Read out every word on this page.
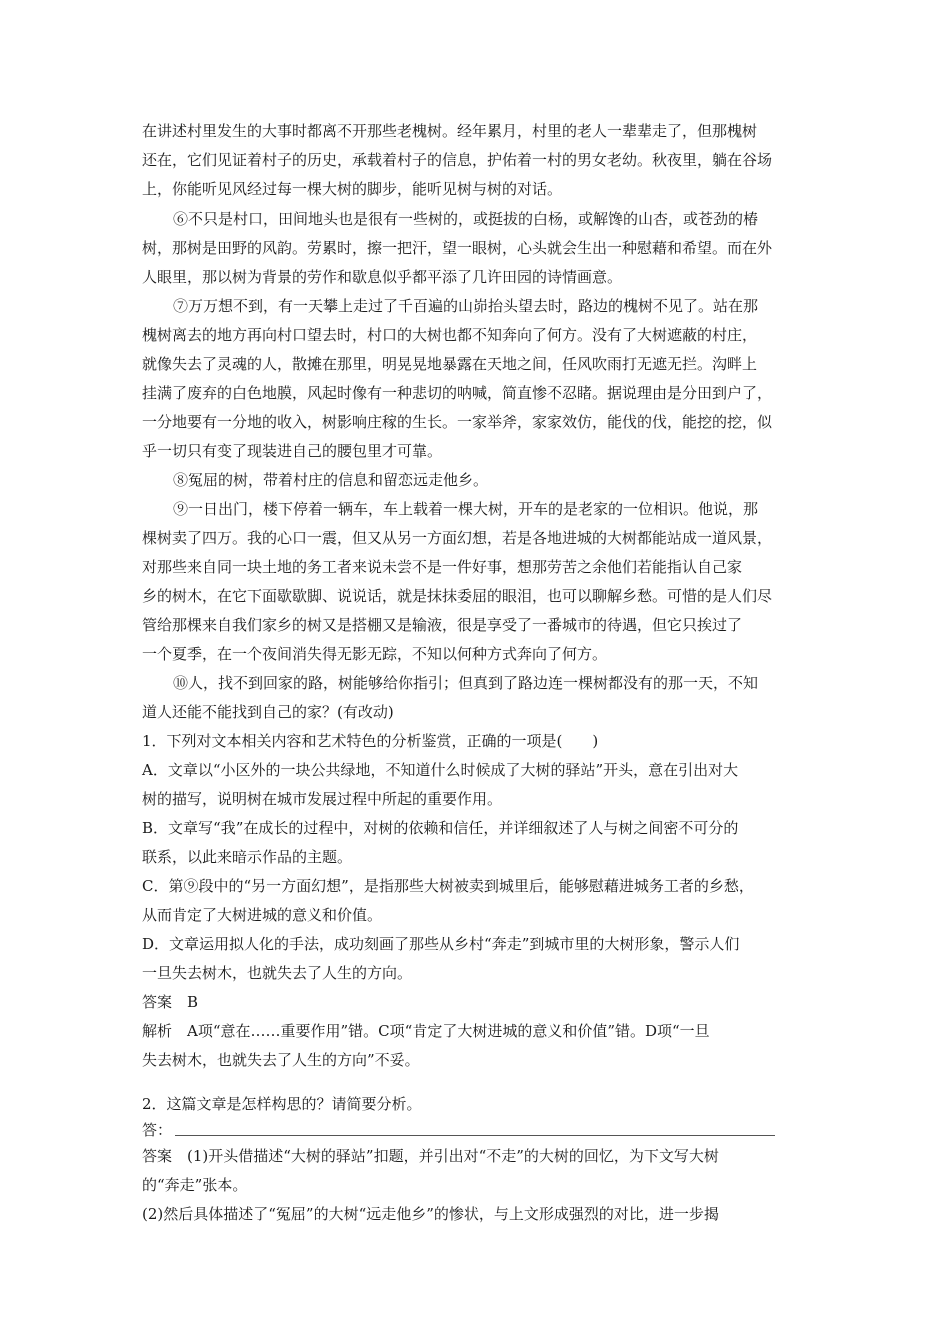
在讲述村里发生的大事时都离不开那些老槐树。经年累月，村里的老人一辈辈走了，但那槐树
还在，它们见证着村子的历史，承载着村子的信息，护佑着一村的男女老幼。秋夜里，躺在谷场
上，你能听见风经过每一棵大树的脚步，能听见树与树的对话。
⑥不只是村口，田间地头也是很有一些树的，或挺拔的白杨，或解馋的山杏，或苍劲的椿
树，那树是田野的风韵。劳累时，擦一把汗，望一眼树，心头就会生出一种慰藉和希望。而在外
人眼里，那以树为背景的劳作和歇息似乎都平添了几许田园的诗情画意。
⑦万万想不到，有一天攀上走过了千百遍的山峁抬头望去时，路边的槐树不见了。站在那
槐树离去的地方再向村口望去时，村口的大树也都不知奔向了何方。没有了大树遮蔽的村庄，
就像失去了灵魂的人，散摊在那里，明晃晃地暴露在天地之间，任风吹雨打无遮无拦。沟畔上
挂满了废弃的白色地膜，风起时像有一种悲切的呐喊，简直惨不忍睹。据说理由是分田到户了，
一分地要有一分地的收入，树影响庄稼的生长。一家举斧，家家效仿，能伐的伐，能挖的挖，似
乎一切只有变了现装进自己的腰包里才可靠。
⑧冤屈的树，带着村庄的信息和留恋远走他乡。
⑨一日出门，楼下停着一辆车，车上载着一棵大树，开车的是老家的一位相识。他说，那
棵树卖了四万。我的心口一震，但又从另一方面幻想，若是各地进城的大树都能站成一道风景，
对那些来自同一块土地的务工者来说未尝不是一件好事，想那劳苦之余他们若能指认自己家
乡的树木，在它下面歇歇脚、说说话，就是抹抹委屈的眼泪，也可以聊解乡愁。可惜的是人们尽
管给那棵来自我们家乡的树又是搭棚又是输液，很是享受了一番城市的待遇，但它只挨过了
一个夏季，在一个夜间消失得无影无踪，不知以何种方式奔向了何方。
⑩人，找不到回家的路，树能够给你指引；但真到了路边连一棵树都没有的那一天，不知
道人还能不能找到自己的家？(有改动)
1．下列对文本相关内容和艺术特色的分析鉴赏，正确的一项是(　　)
A．文章以“小区外的一块公共绿地，不知道什么时候成了大树的驿站”开头，意在引出对大
树的描写，说明树在城市发展过程中所起的重要作用。
B．文章写“我”在成长的过程中，对树的依赖和信任，并详细叙述了人与树之间密不可分的
联系，以此来暗示作品的主题。
C．第⑨段中的“另一方面幻想”，是指那些大树被卖到城里后，能够慰藉进城务工者的乡愁，
从而肯定了大树进城的意义和价值。
D．文章运用拟人化的手法，成功刻画了那些从乡村“奔走”到城市里的大树形象，警示人们
一旦失去树木，也就失去了人生的方向。
答案　B
解析　A项“意在……重要作用”错。C项“肯定了大树进城的意义和价值”错。D项“一旦
失去树木，也就失去了人生的方向”不妥。
2．这篇文章是怎样构思的？请简要分析。
答：
答案　(1)开头借描述“大树的驿站”扣题，并引出对“不走”的大树的回忆，为下文写大树
的“奔走”张本。
(2)然后具体描述了“冤屈”的大树“远走他乡”的惨状，与上文形成强烈的对比，进一步揭
